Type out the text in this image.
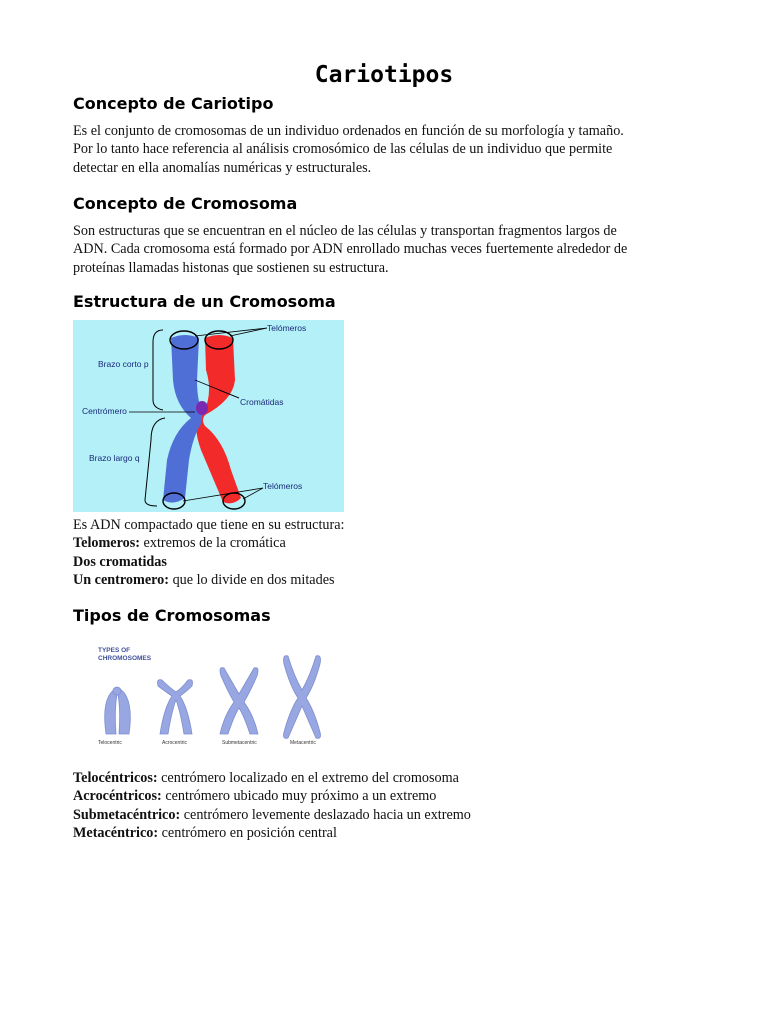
Cariotipos
Concepto de Cariotipo

Es el conjunto de cromosomas de un individuo ordenados en función de su morfología y tamaño.
Por lo tanto hace referencia al análisis cromosómico de las células de un individuo que permite
detectar en ella anomalías numéricas y estructurales.

Concepto de Cromosoma

Son estructuras que se encuentran en el núcleo de las células y transportan fragmentos largos de
ADN. Cada cromosoma está formado por ADN enrollado muchas veces fuertemente alrededor de
proteínas llamadas histonas que sostienen su estructura.

Estructura de un Cromosoma
Telómeros
Brazo corto p
Cromátidas
Centrómero
Brazo largo q
Telómeros

Es ADN compactado que tiene en su estructura:
Telomeros: extremos de la cromática
Dos cromatidas
Un centromero: que lo divide en dos mitades

Tipos de Cromosomas
TYPES OF
CHROMOSOMES
Telocentric	Acrocentric	Submetacentric	Metacentric

Telocéntricos: centrómero localizado en el extremo del cromosoma
Acrocéntricos: centrómero ubicado muy próximo a un extremo
Submetacéntrico: centrómero levemente deslazado hacia un extremo
Metacéntrico: centrómero en posición central
